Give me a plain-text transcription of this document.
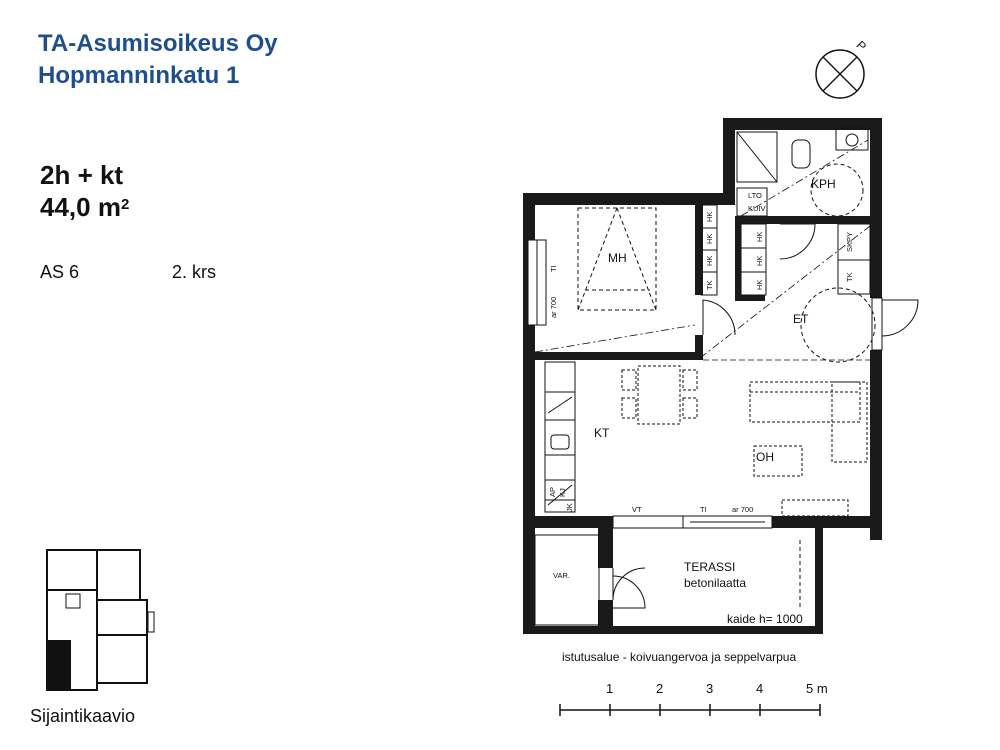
TA-Asumisoikeus Oy
Hopmanninkatu 1
2h + kt
44,0 $m^2$
AS 6	2. krs
Sijaintikaavio
P
HK
HK
HK
TK
HK
HK
HK
SKPY
TK
LTO
KUIV
AP KJ
JK
MH
KPH
ET
KT
OH
VAR.
TERASSI
betonilaatta
TI
ar 700
VT	TI	ar 700
kaide h= 1000
istutusalue - koivuangervoa ja seppelvarpua
1	2	3	4	5 m
